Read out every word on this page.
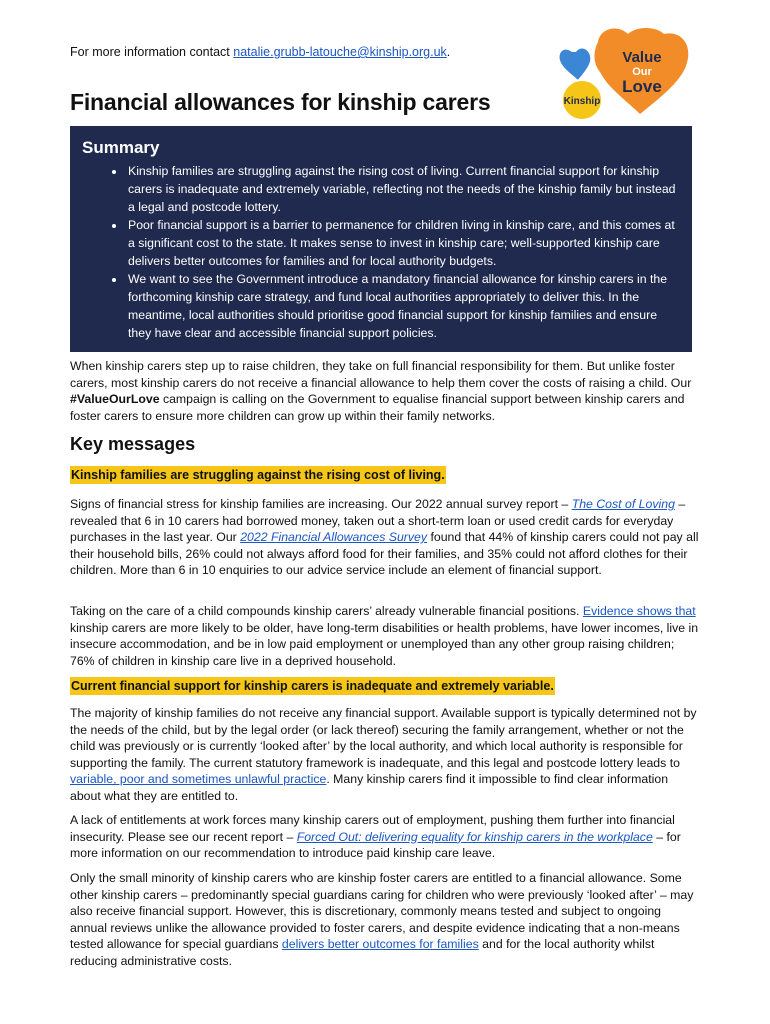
For more information contact natalie.grubb-latouche@kinship.org.uk.	Value
Our
Love
Kinship
Financial allowances for kinship carers
Summary
• Kinship families are struggling against the rising cost of living. Current financial support for kinship carers is inadequate and extremely variable, reflecting not the needs of the kinship family but instead a legal and postcode lottery.
• Poor financial support is a barrier to permanence for children living in kinship care, and this comes at a significant cost to the state. It makes sense to invest in kinship care; well-supported kinship care delivers better outcomes for families and for local authority budgets.
• We want to see the Government introduce a mandatory financial allowance for kinship carers in the forthcoming kinship care strategy, and fund local authorities appropriately to deliver this. In the meantime, local authorities should prioritise good financial support for kinship families and ensure they have clear and accessible financial support policies.

When kinship carers step up to raise children, they take on full financial responsibility for them. But unlike foster carers, most kinship carers do not receive a financial allowance to help them cover the costs of raising a child. Our #ValueOurLove campaign is calling on the Government to equalise financial support between kinship carers and foster carers to ensure more children can grow up within their family networks.

Key messages
Kinship families are struggling against the rising cost of living.

Signs of financial stress for kinship families are increasing. Our 2022 annual survey report – The Cost of Loving – revealed that 6 in 10 carers had borrowed money, taken out a short-term loan or used credit cards for everyday purchases in the last year. Our 2022 Financial Allowances Survey found that 44% of kinship carers could not pay all their household bills, 26% could not always afford food for their families, and 35% could not afford clothes for their children. More than 6 in 10 enquiries to our advice service include an element of financial support.

Taking on the care of a child compounds kinship carers’ already vulnerable financial positions. Evidence shows that kinship carers are more likely to be older, have long-term disabilities or health problems, have lower incomes, live in insecure accommodation, and be in low paid employment or unemployed than any other group raising children; 76% of children in kinship care live in a deprived household.

Current financial support for kinship carers is inadequate and extremely variable.

The majority of kinship families do not receive any financial support. Available support is typically determined not by the needs of the child, but by the legal order (or lack thereof) securing the family arrangement, whether or not the child was previously or is currently ‘looked after’ by the local authority, and which local authority is responsible for supporting the family. The current statutory framework is inadequate, and this legal and postcode lottery leads to variable, poor and sometimes unlawful practice. Many kinship carers find it impossible to find clear information about what they are entitled to.

A lack of entitlements at work forces many kinship carers out of employment, pushing them further into financial insecurity. Please see our recent report – Forced Out: delivering equality for kinship carers in the workplace – for more information on our recommendation to introduce paid kinship care leave.

Only the small minority of kinship carers who are kinship foster carers are entitled to a financial allowance. Some other kinship carers – predominantly special guardians caring for children who were previously ‘looked after’ – may also receive financial support. However, this is discretionary, commonly means tested and subject to ongoing annual reviews unlike the allowance provided to foster carers, and despite evidence indicating that a non-means tested allowance for special guardians delivers better outcomes for families and for the local authority whilst reducing administrative costs.
